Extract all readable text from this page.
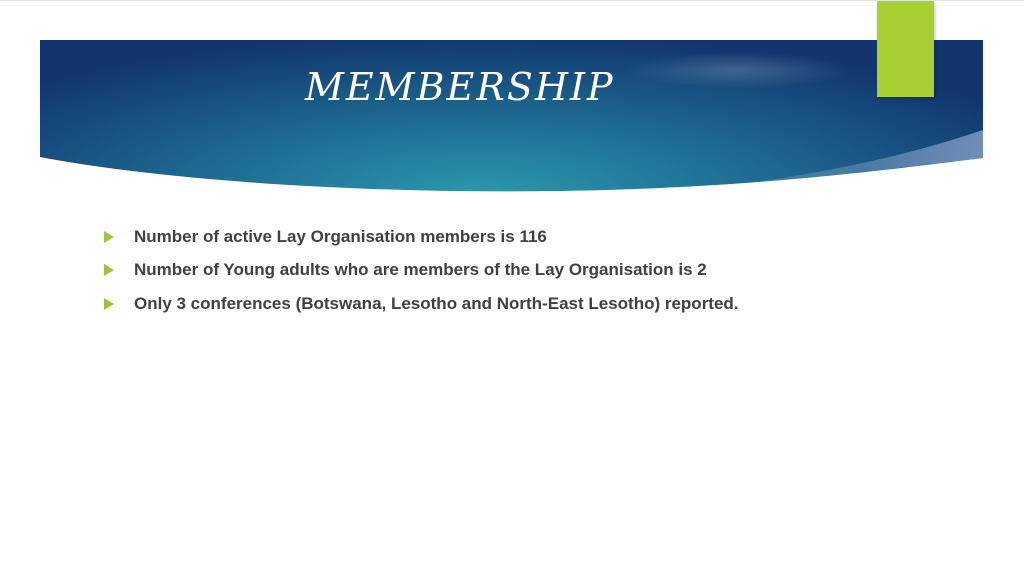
MEMBERSHIP
Number of active Lay Organisation members is 116
Number of Young adults who are members of the Lay Organisation is 2
Only 3 conferences (Botswana, Lesotho and North-East Lesotho) reported.
